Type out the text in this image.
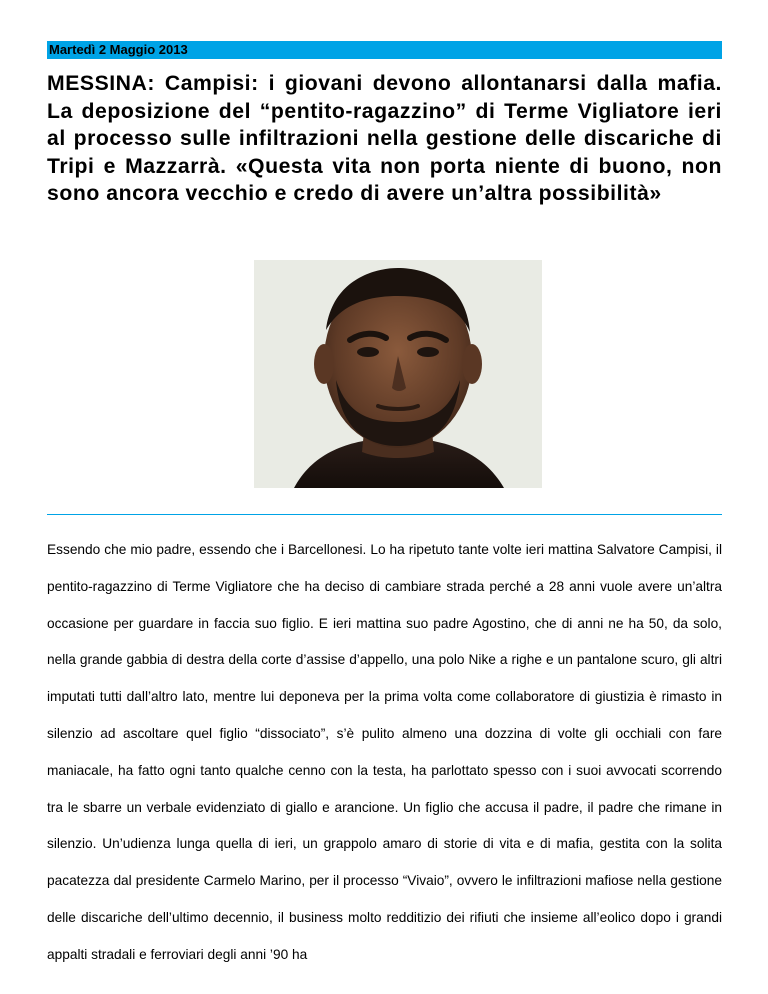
Martedì 2 Maggio 2013
MESSINA: Campisi: i giovani devono allontanarsi dalla mafia. La deposizione del “pentito-ragazzino” di Terme Vigliatore ieri al processo sulle infiltrazioni nella gestione delle discariche di Tripi e Mazzarrà. «Questa vita non porta niente di buono, non sono ancora vecchio e credo di avere un’altra possibilità»

Essendo che mio padre, essendo che i Barcellonesi. Lo ha ripetuto tante volte ieri mattina Salvatore Campisi, il pentito-ragazzino di Terme Vigliatore che ha deciso di cambiare strada perché a 28 anni vuole avere un’altra occasione per guardare in faccia suo figlio. E ieri mattina suo padre Agostino, che di anni ne ha 50, da solo, nella grande gabbia di destra della corte d’assise d’appello, una polo Nike a righe e un pantalone scuro, gli altri imputati tutti dall’altro lato, mentre lui deponeva per la prima volta come collaboratore di giustizia è rimasto in silenzio ad ascoltare quel figlio “dissociato”, s’è pulito almeno una dozzina di volte gli occhiali con fare maniacale, ha fatto ogni tanto qualche cenno con la testa, ha parlottato spesso con i suoi avvocati scorrendo tra le sbarre un verbale evidenziato di giallo e arancione. Un figlio che accusa il padre, il padre che rimane in silenzio. Un’udienza lunga quella di ieri, un grappolo amaro di storie di vita e di mafia, gestita con la solita pacatezza dal presidente Carmelo Marino, per il processo “Vivaio”, ovvero le infiltrazioni mafiose nella gestione delle discariche dell’ultimo decennio, il business molto redditizio dei rifiuti che insieme all’eolico dopo i grandi appalti stradali e ferroviari degli anni ’90 ha
